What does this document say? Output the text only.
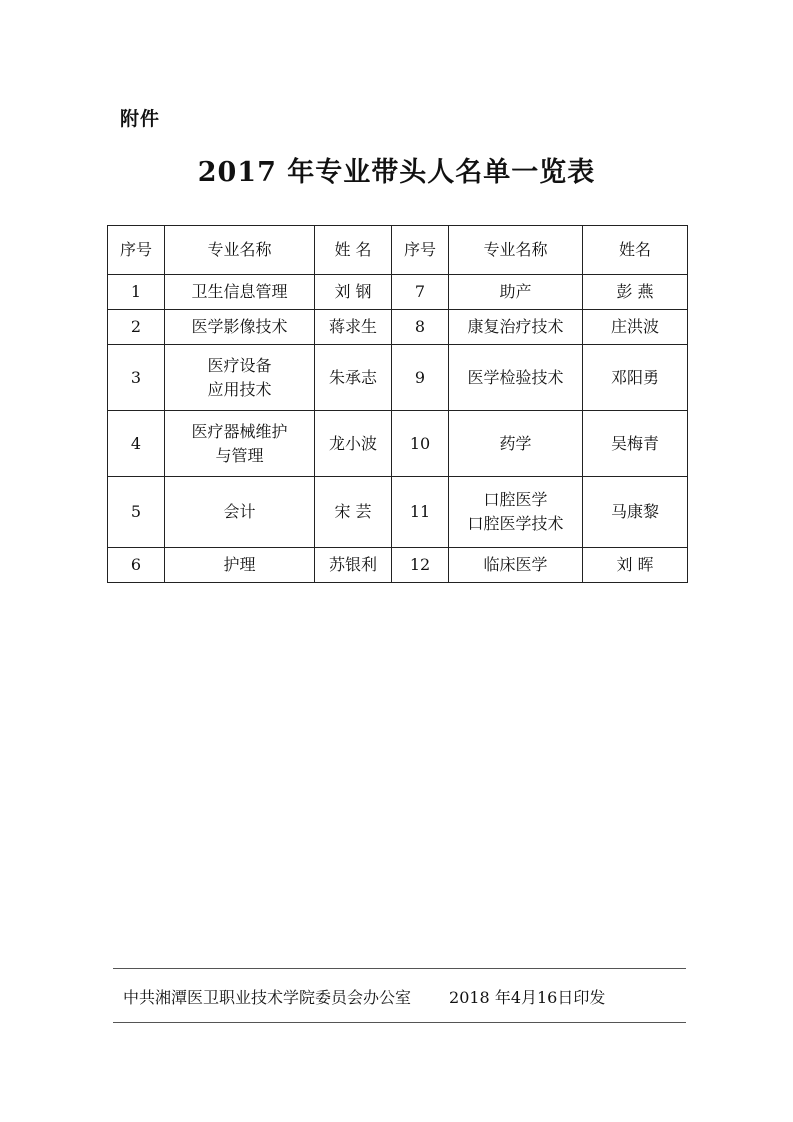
附件
2017 年专业带头人名单一览表
序号	专业名称	姓 名	序号	专业名称	姓名
1	卫生信息管理	刘 钢	7	助产	彭 燕
2	医学影像技术	蒋求生	8	康复治疗技术	庄洪波
3	医疗设备
应用技术	朱承志	9	医学检验技术	邓阳勇
4	医疗器械维护
与管理	龙小波	10	药学	吴梅青
5	会计	宋 芸	11	口腔医学
口腔医学技术	马康黎
6	护理	苏银利	12	临床医学	刘 晖
中共湘潭医卫职业技术学院委员会办公室 2018 年4月16日印发
